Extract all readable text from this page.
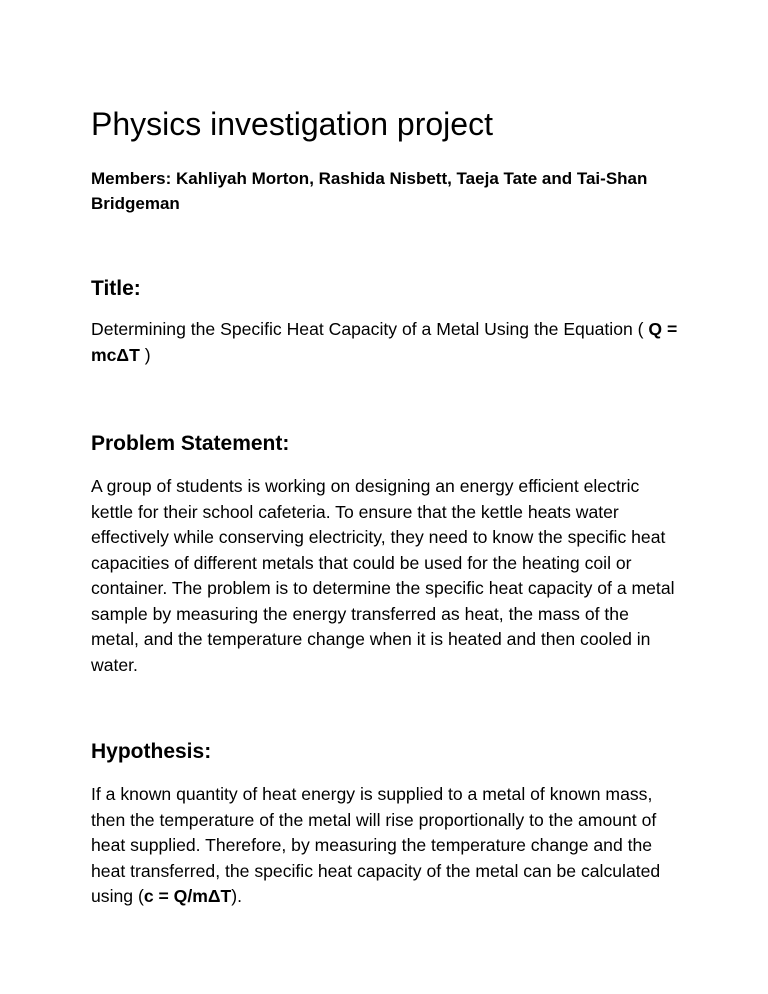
Physics investigation project

Members: Kahliyah Morton, Rashida Nisbett, Taeja Tate and Tai-Shan Bridgeman

Title:

Determining the Specific Heat Capacity of a Metal Using the Equation ( Q = mcΔT )

Problem Statement:

A group of students is working on designing an energy efficient electric kettle for their school cafeteria. To ensure that the kettle heats water effectively while conserving electricity, they need to know the specific heat capacities of different metals that could be used for the heating coil or container. The problem is to determine the specific heat capacity of a metal sample by measuring the energy transferred as heat, the mass of the metal, and the temperature change when it is heated and then cooled in water.

Hypothesis:

If a known quantity of heat energy is supplied to a metal of known mass, then the temperature of the metal will rise proportionally to the amount of heat supplied. Therefore, by measuring the temperature change and the heat transferred, the specific heat capacity of the metal can be calculated using (c = Q/mΔT).
